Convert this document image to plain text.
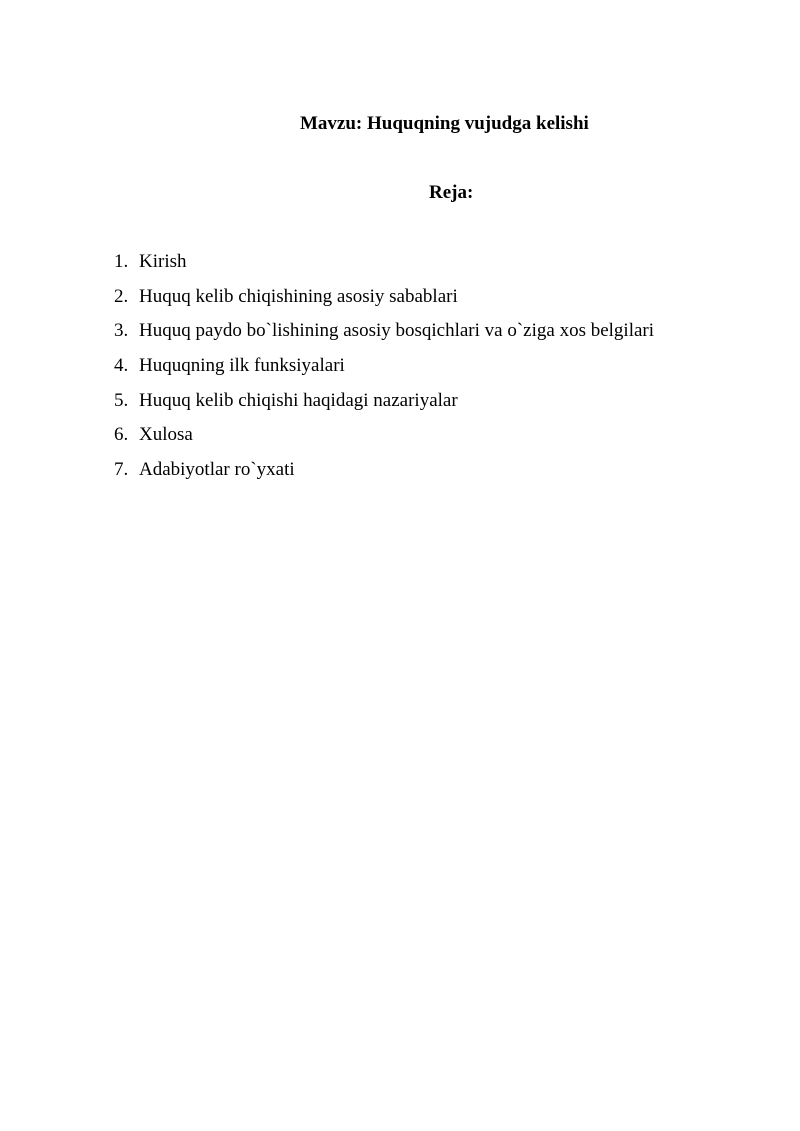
Mavzu: Huquqning vujudga kelishi
Reja:
1. Kirish
2. Huquq kelib chiqishining asosiy sabablari
3. Huquq paydo bo`lishining asosiy bosqichlari va o`ziga xos belgilari
4. Huquqning ilk funksiyalari
5. Huquq kelib chiqishi haqidagi nazariyalar
6. Xulosa
7. Adabiyotlar ro`yxati
